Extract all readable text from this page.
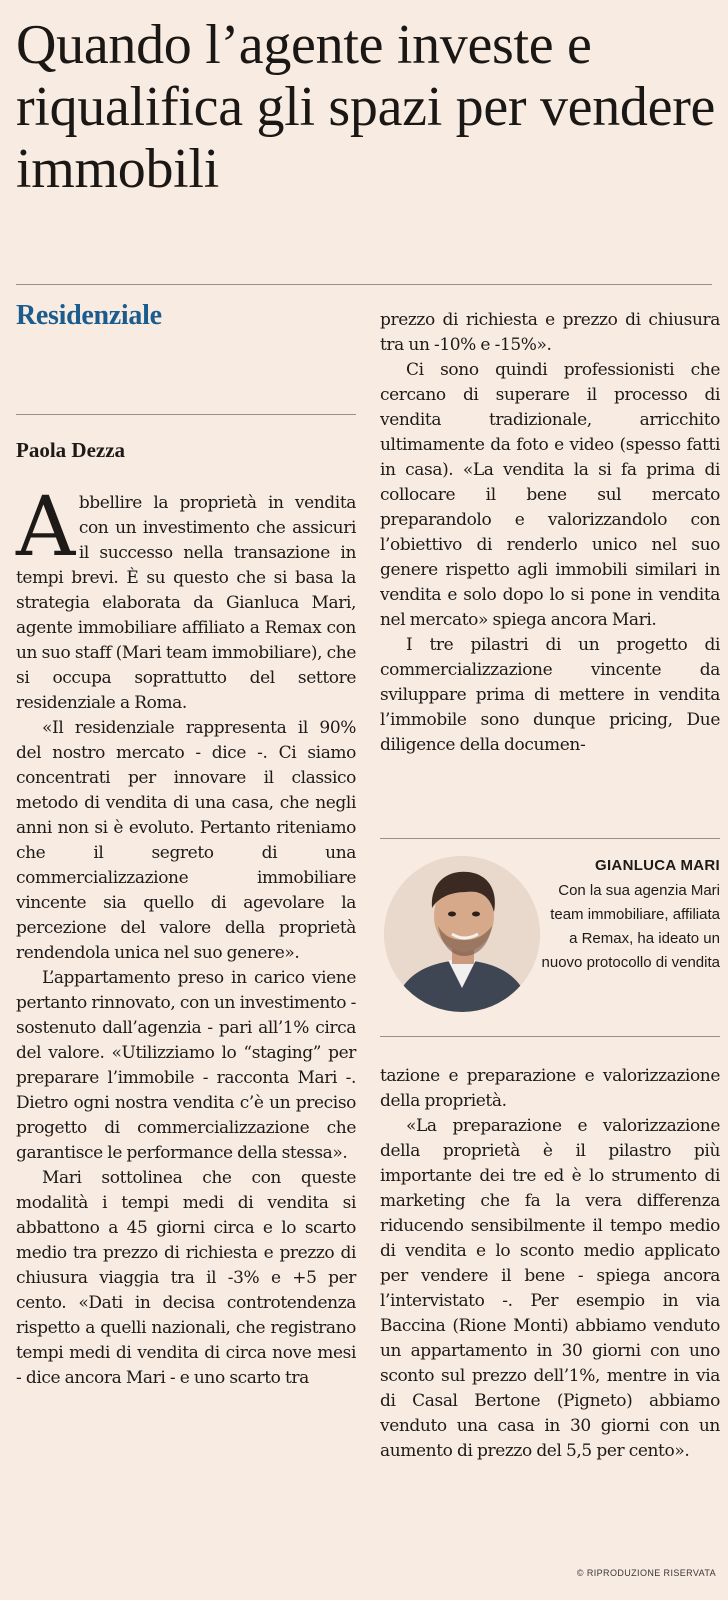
Quando l’agente investe e riqualifica gli spazi per vendere immobili
Residenziale
Paola Dezza

Abbellire la proprietà in vendita con un investimento che assicuri il successo nella transazione in tempi brevi. È su questo che si basa la strategia elaborata da Gianluca Mari, agente immobiliare affiliato a Remax con un suo staff (Mari team immobiliare), che si occupa soprattutto del settore residenziale a Roma.

«Il residenziale rappresenta il 90% del nostro mercato - dice -. Ci siamo concentrati per innovare il classico metodo di vendita di una casa, che negli anni non si è evoluto. Pertanto riteniamo che il segreto di una commercializzazione immobiliare vincente sia quello di agevolare la percezione del valore della proprietà rendendola unica nel suo genere».

L’appartamento preso in carico viene pertanto rinnovato, con un investimento - sostenuto dall’agenzia - pari all’1% circa del valore. «Utilizziamo lo “staging” per preparare l’immobile - racconta Mari -. Dietro ogni nostra vendita c’è un preciso progetto di commercializzazione che garantisce le performance della stessa».

Mari sottolinea che con queste modalità i tempi medi di vendita si abbattono a 45 giorni circa e lo scarto medio tra prezzo di richiesta e prezzo di chiusura viaggia tra il -3% e +5 per cento. «Dati in decisa controtendenza rispetto a quelli nazionali, che registrano tempi medi di vendita di circa nove mesi - dice ancora Mari - e uno scarto tra

prezzo di richiesta e prezzo di chiusura tra un -10% e -15%».

Ci sono quindi professionisti che cercano di superare il processo di vendita tradizionale, arricchito ultimamente da foto e video (spesso fatti in casa). «La vendita la si fa prima di collocare il bene sul mercato preparandolo e valorizzandolo con l’obiettivo di renderlo unico nel suo genere rispetto agli immobili similari in vendita e solo dopo lo si pone in vendita nel mercato» spiega ancora Mari.

I tre pilastri di un progetto di commercializzazione vincente da sviluppare prima di mettere in vendita l’immobile sono dunque pricing, Due diligence della documen-

GIANLUCA MARI
Con la sua agenzia Mari team immobiliare, affiliata a Remax, ha ideato un nuovo protocollo di vendita

tazione e preparazione e valorizzazione della proprietà.

«La preparazione e valorizzazione della proprietà è il pilastro più importante dei tre ed è lo strumento di marketing che fa la vera differenza riducendo sensibilmente il tempo medio di vendita e lo sconto medio applicato per vendere il bene - spiega ancora l’intervistato -. Per esempio in via Baccina (Rione Monti) abbiamo venduto un appartamento in 30 giorni con uno sconto sul prezzo dell’1%, mentre in via di Casal Bertone (Pigneto) abbiamo venduto una casa in 30 giorni con un aumento di prezzo del 5,5 per cento».

© RIPRODUZIONE RISERVATA
